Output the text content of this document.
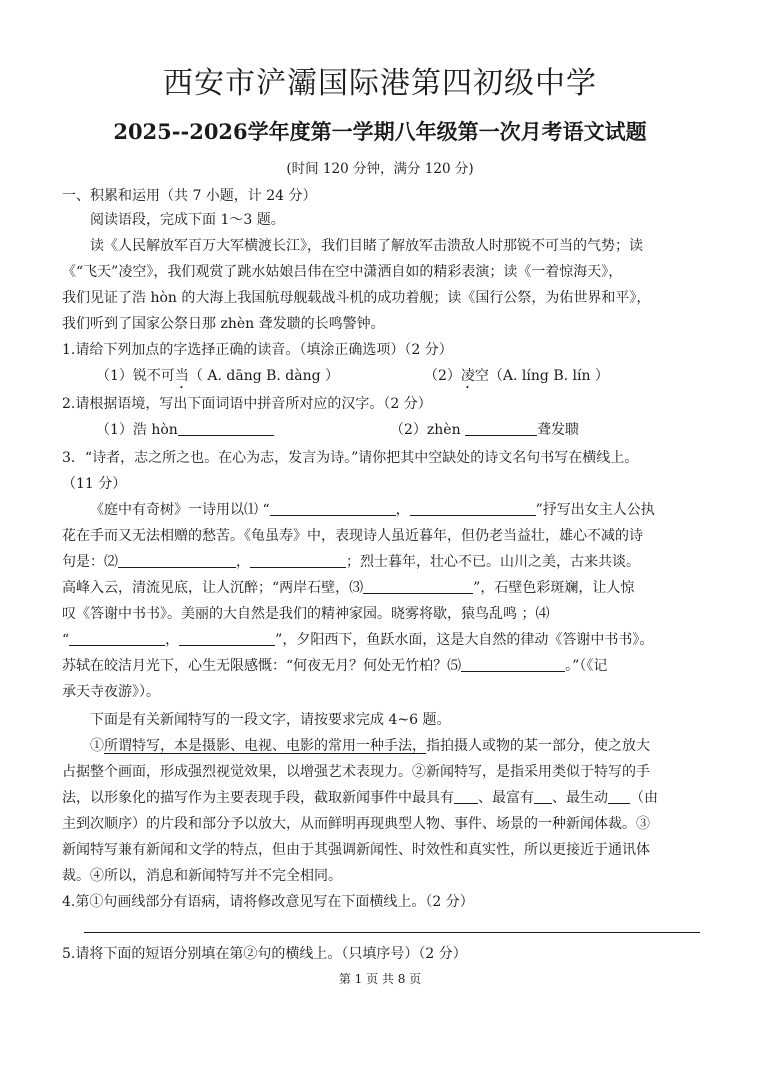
西安市浐灞国际港第四初级中学
2025--2026学年度第一学期八年级第一次月考语文试题
(时间 120 分钟，满分 120 分)
一、积累和运用（共 7 小题，计 24 分）
阅读语段，完成下面 1～3 题。
读《人民解放军百万大军横渡长江》，我们目睹了解放军击溃敌人时那锐不可当的气势；读
《“飞天”凌空》，我们观赏了跳水姑娘吕伟在空中潇洒自如的精彩表演；读《一着惊海天》，
我们见证了浩 hòn 的大海上我国航母舰载战斗机的成功着舰；读《国行公祭，为佑世界和平》，
我们听到了国家公祭日那 zhèn 聋发聩的长鸣警钟。
1.请给下列加点的字选择正确的读音。（填涂正确选项）（2 分）
（1）锐不可当（ A. dāng B. dàng ）	（2）凌空（A. líng B. lín ）
2.请根据语境，写出下面词语中拼音所对应的汉字。（2 分）
（1）浩 hòn	（2）zhèn	聋发聩
3．“诗者，志之所之也。在心为志，发言为诗。”请你把其中空缺处的诗文名句书写在横线上。
（11 分）
《庭中有奇树》一诗用以⑴ “	，	”抒写出女主人公执
花在手而又无法相赠的愁苦。《龟虽寿》中，表现诗人虽近暮年，但仍老当益壮，雄心不减的诗
句是：⑵	，	；烈士暮年，壮心不已。山川之美，古来共谈。
高峰入云，清流见底，让人沉醉；“两岸石壁，⑶	”，石壁色彩斑斓，让人惊
叹《答谢中书书》。美丽的大自然是我们的精神家园。晓雾将歇，猿鸟乱鸣 ；⑷
“	，	”，夕阳西下，鱼跃水面，这是大自然的律动《答谢中书书》。
苏轼在皎洁月光下，心生无限感慨：“何夜无月？何处无竹柏？⑸	。”（《记
承天寺夜游》）。
下面是有关新闻特写的一段文字，请按要求完成 4~6 题。
①所谓特写，本是摄影、电视、电影的常用一种手法，指拍摄人或物的某一部分，使之放大
占据整个画面，形成强烈视觉效果，以增强艺术表现力。②新闻特写，是指采用类似于特写的手
法，以形象化的描写作为主要表现手段，截取新闻事件中最具有 、最富有 、最生动 （由
主到次顺序）的片段和部分予以放大，从而鲜明再现典型人物、事件、场景的一种新闻体裁。③
新闻特写兼有新闻和文学的特点，但由于其强调新闻性、时效性和真实性，所以更接近于通讯体
裁。④所以，消息和新闻特写并不完全相同。
4.第①句画线部分有语病，请将修改意见写在下面横线上。（2 分）
5.请将下面的短语分别填在第②句的横线上。（只填序号）（2 分）
第 1 页 共 8 页
